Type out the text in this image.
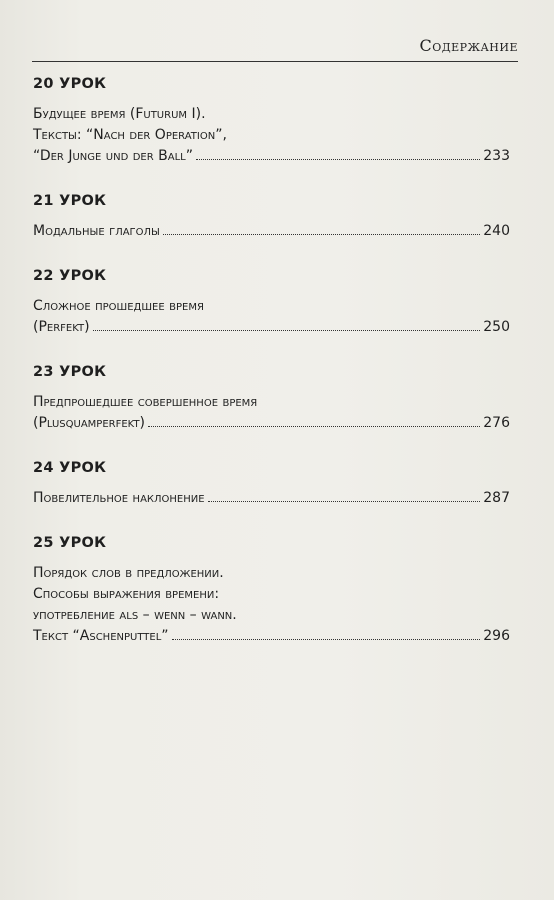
Содержание
20 УРОК
Будущее время (Futurum I).
Тексты: “Nach der Operation”,
“Der Junge und der Ball”	233
21 УРОК
Модальные глаголы	240
22 УРОК
Сложное прошедшее время
(Perfekt)	250
23 УРОК
Предпрошедшее совершенное время
(Plusquamperfekt)	276
24 УРОК
Повелительное наклонение	287
25 УРОК
Порядок слов в предложении.
Способы выражения времени:
употребление als – wenn – wann.
Текст “Aschenputtel”	296
